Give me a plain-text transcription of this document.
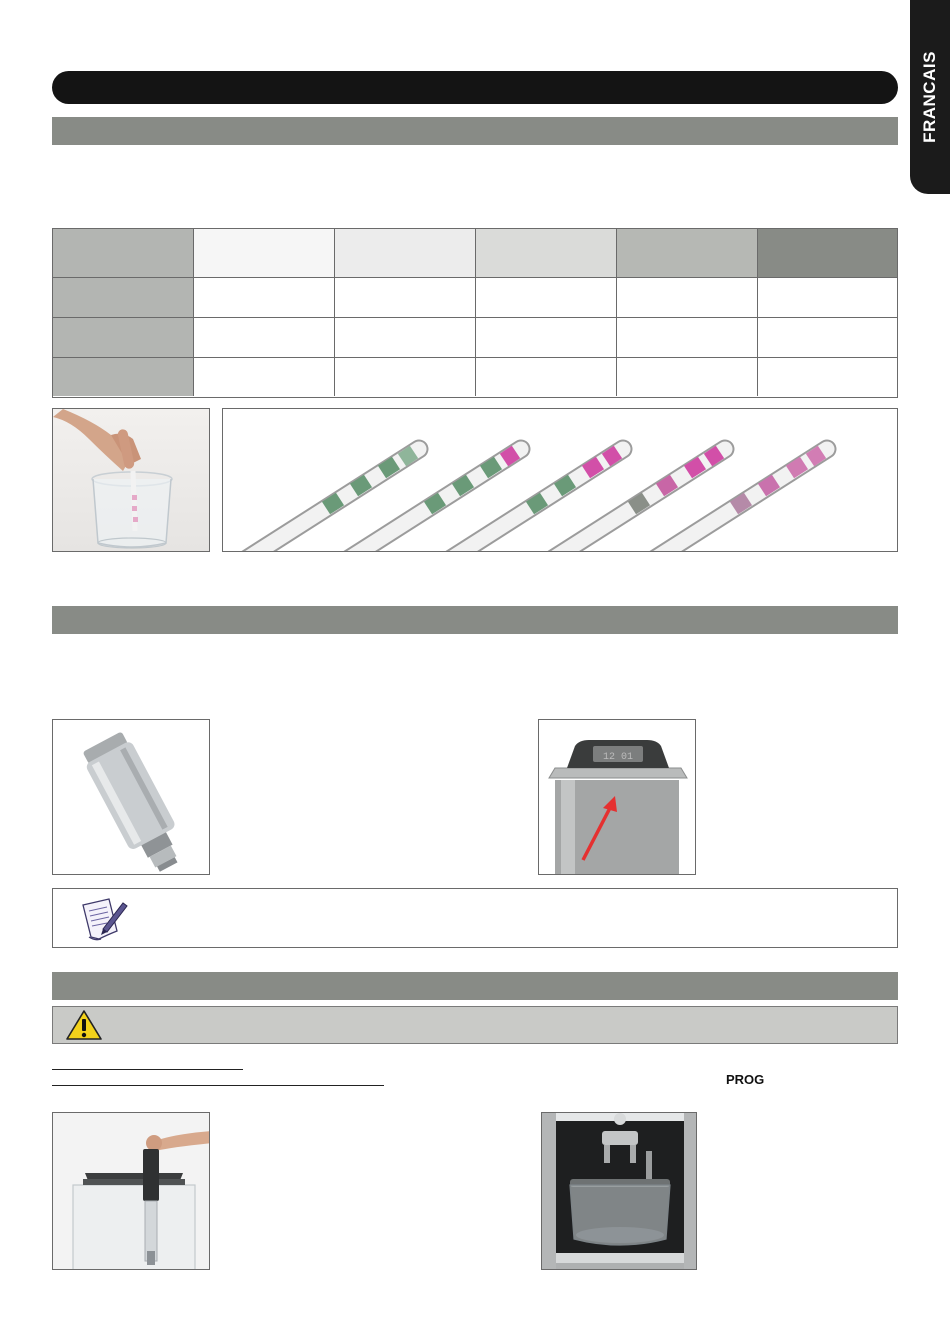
FRANCAIS
12 01
PROG
